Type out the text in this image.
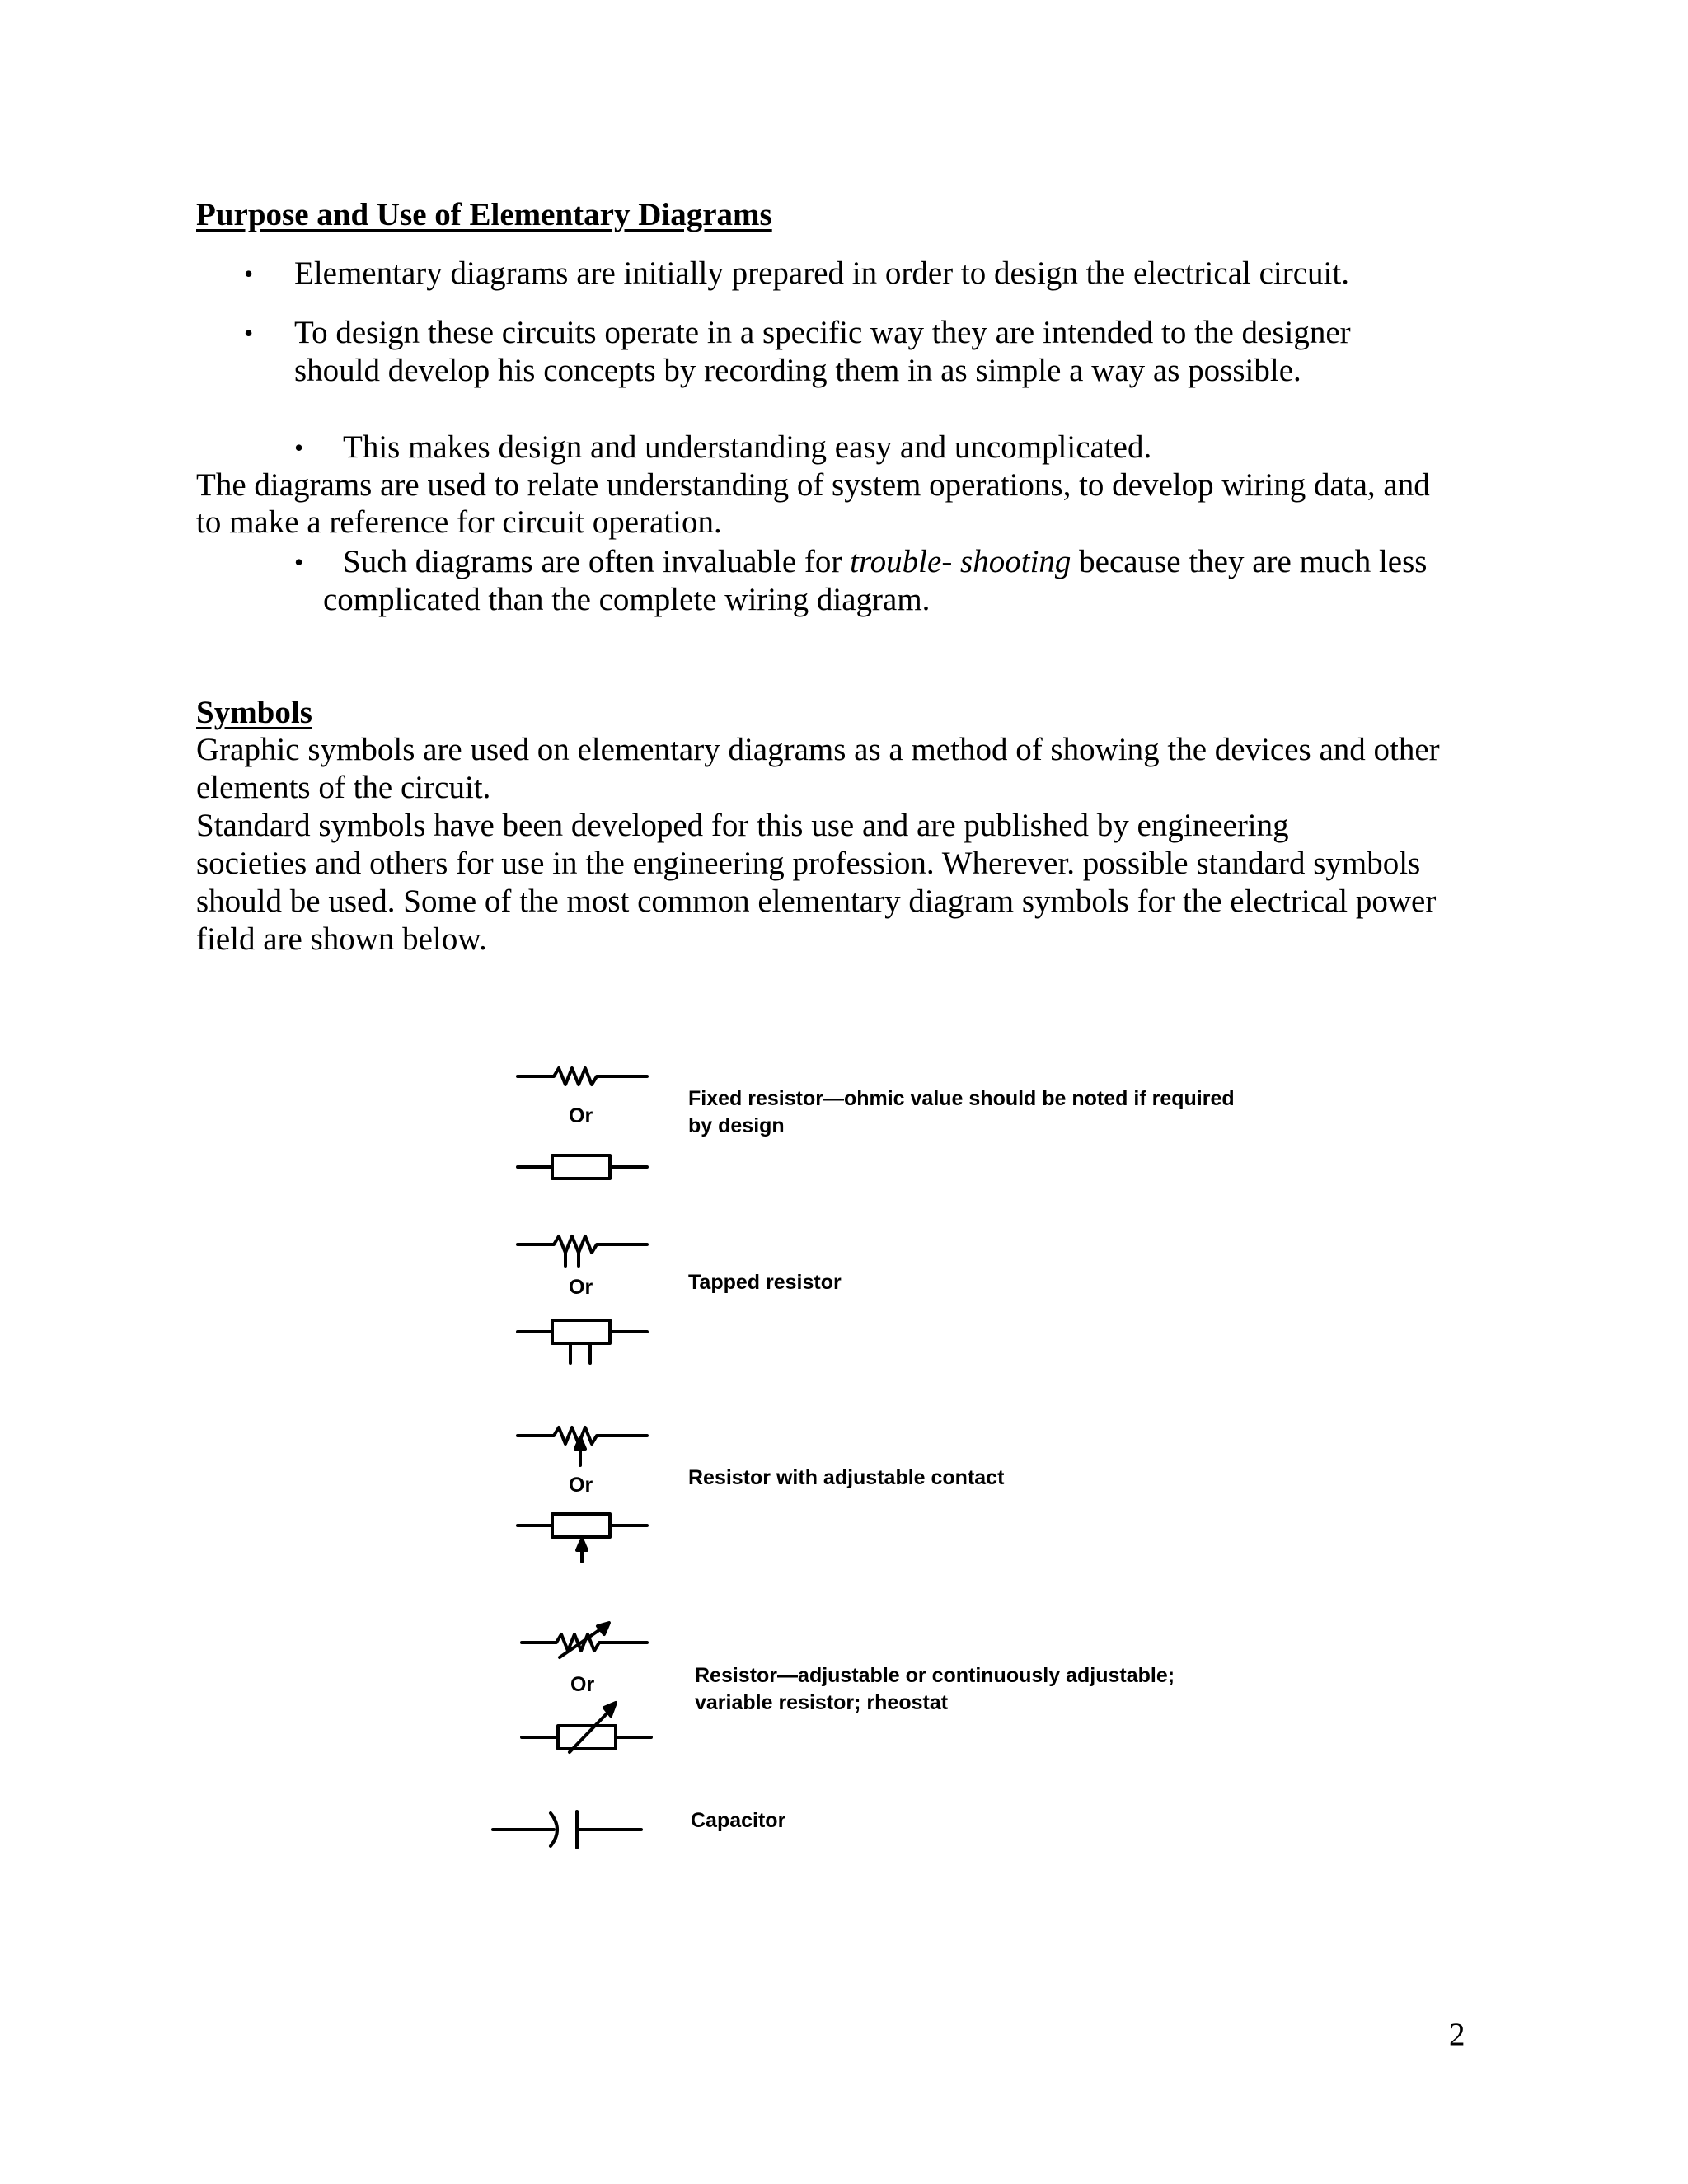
Purpose and Use of Elementary Diagrams
• Elementary diagrams are initially prepared in order to design the electrical circuit.
• To design these circuits operate in a specific way they are intended to the designer
should develop his concepts by recording them in as simple a way as possible.
• This makes design and understanding easy and uncomplicated.
The diagrams are used to relate understanding of system operations, to develop wiring data, and
to make a reference for circuit operation.
• Such diagrams are often invaluable for trouble- shooting because they are much less
complicated than the complete wiring diagram.
Symbols
Graphic symbols are used on elementary diagrams as a method of showing the devices and other
elements of the circuit.
Standard symbols have been developed for this use and are published by engineering
societies and others for use in the engineering profession. Wherever. possible standard symbols
should be used. Some of the most common elementary diagram symbols for the electrical power
field are shown below.
Or
Fixed resistor—ohmic value should be noted if required
by design
Or	Tapped resistor
Or	Resistor with adjustable contact
Or	Resistor—adjustable or continuously adjustable;
variable resistor; rheostat
Capacitor
2
